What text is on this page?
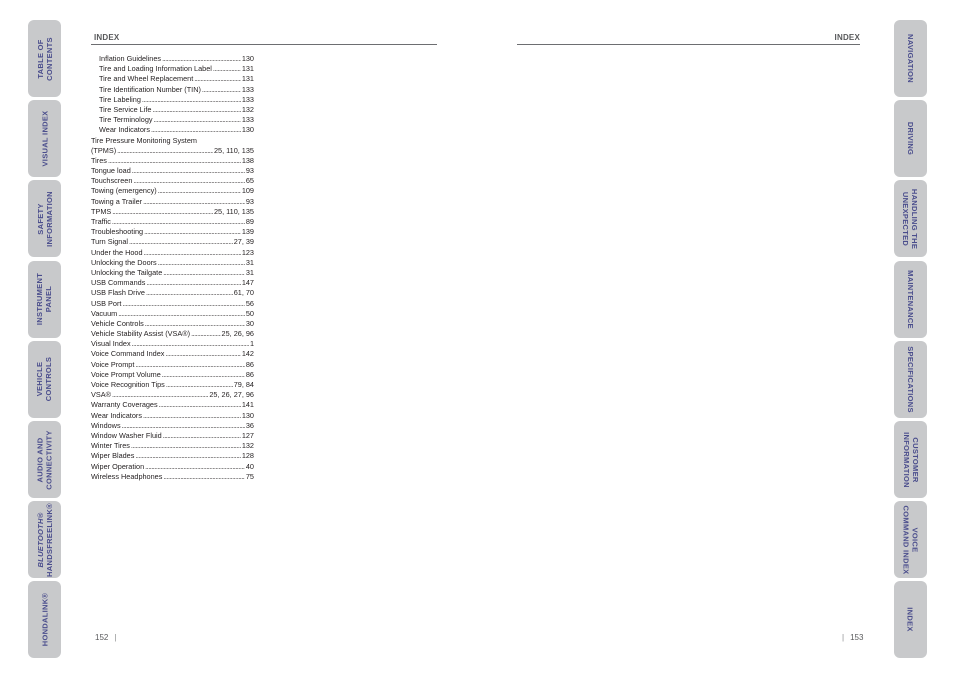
TABLE OF CONTENTS
VISUAL INDEX
SAFETY INFORMATION
INSTRUMENT PANEL
VEHICLE CONTROLS
AUDIO AND CONNECTIVITY
BLUETOOTH® HANDSFREELINK®
HONDALINK®
NAVIGATION
DRIVING
HANDLING THE
UNEXPECTED
MAINTENANCE
SPECIFICATIONS
CUSTOMER
INFORMATION
VOICE
COMMAND INDEX
INDEX
INDEX	INDEX
Inflation Guidelines .....	130
Tire and Loading Information Label .....	131
Tire and Wheel Replacement .....	131
Tire Identification Number (TIN) .....	133
Tire Labeling .....	133
Tire Service Life .....	132
Tire Terminology .....	133
Wear Indicators .....	130
Tire Pressure Monitoring System
(TPMS) .....	25, 110, 135
Tires .....	138
Tongue load .....	93
Touchscreen .....	65
Towing (emergency) .....	109
Towing a Trailer .....	93
TPMS .....	25, 110, 135
Traffic .....	89
Troubleshooting .....	139
Turn Signal .....	27, 39
Under the Hood .....	123
Unlocking the Doors .....	31
Unlocking the Tailgate .....	31
USB Commands .....	147
USB Flash Drive .....	61, 70
USB Port .....	56
Vacuum .....	50
Vehicle Controls .....	30
Vehicle Stability Assist (VSA®) .....	25, 26, 96
Visual Index .....	1
Voice Command Index .....	142
Voice Prompt .....	86
Voice Prompt Volume .....	86
Voice Recognition Tips .....	79, 84
VSA® .....	25, 26, 27, 96
Warranty Coverages .....	141
Wear Indicators .....	130
Windows .....	36
Window Washer Fluid .....	127
Winter Tires .....	132
Wiper Blades .....	128
Wiper Operation .....	40
Wireless Headphones .....	75
152 |	| 153
